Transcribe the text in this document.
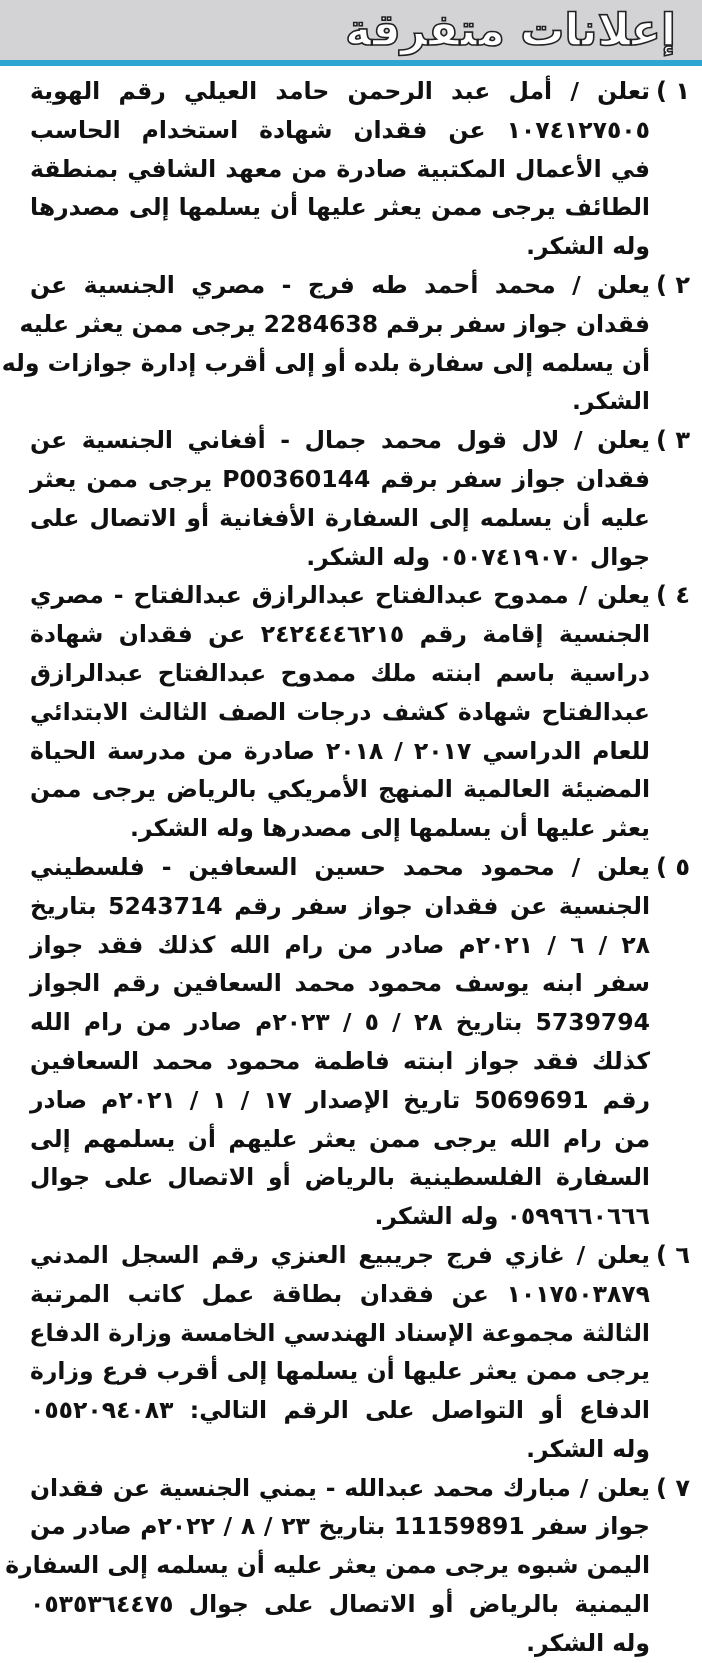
إعلانات متفرقة
١ )
تعلن / أمل عبد الرحمن حامد العيلي رقم الهوية
١٠٧٤١٢٧٥٠٥ عن فقدان شهادة استخدام الحاسب
في الأعمال المكتبية صادرة من معهد الشافي بمنطقة
الطائف يرجى ممن يعثر عليها أن يسلمها إلى مصدرها
وله الشكر.
٢ )
يعلن / محمد أحمد طه فرج - مصري الجنسية عن
فقدان جواز سفر برقم 2284638 يرجى ممن يعثر عليه
أن يسلمه إلى سفارة بلده أو إلى أقرب إدارة جوازات وله
الشكر.
٣ )
يعلن / لال قول محمد جمال - أفغاني الجنسية عن
فقدان جواز سفر برقم P00360144 يرجى ممن يعثر
عليه أن يسلمه إلى السفارة الأفغانية أو الاتصال على
جوال ٠٥٠٧٤١٩٠٧٠ وله الشكر.
٤ )
يعلن / ممدوح عبدالفتاح عبدالرازق عبدالفتاح - مصري
الجنسية إقامة رقم ٢٤٢٤٤٤٦٢١٥ عن فقدان شهادة
دراسية باسم ابنته ملك ممدوح عبدالفتاح عبدالرازق
عبدالفتاح شهادة كشف درجات الصف الثالث الابتدائي
للعام الدراسي ٢٠١٧ / ٢٠١٨ صادرة من مدرسة الحياة
المضيئة العالمية المنهج الأمريكي بالرياض يرجى ممن
يعثر عليها أن يسلمها إلى مصدرها وله الشكر.
٥ )
يعلن / محمود محمد حسين السعافين - فلسطيني
الجنسية عن فقدان جواز سفر رقم 5243714 بتاريخ
٢٨ / ٦ / ٢٠٢١م صادر من رام الله كذلك فقد جواز
سفر ابنه يوسف محمود محمد السعافين رقم الجواز
5739794 بتاريخ ٢٨ / ٥ / ٢٠٢٣م صادر من رام الله
كذلك فقد جواز ابنته فاطمة محمود محمد السعافين
رقم 5069691 تاريخ الإصدار ١٧ / ١ / ٢٠٢١م صادر
من رام الله يرجى ممن يعثر عليهم أن يسلمهم إلى
السفارة الفلسطينية بالرياض أو الاتصال على جوال
٠٥٩٩٦٦٠٦٦٦ وله الشكر.
٦ )
يعلن / غازي فرج جريبيع العنزي رقم السجل المدني
١٠١٧٥٠٣٨٧٩ عن فقدان بطاقة عمل كاتب المرتبة
الثالثة مجموعة الإسناد الهندسي الخامسة وزارة الدفاع
يرجى ممن يعثر عليها أن يسلمها إلى أقرب فرع وزارة
الدفاع أو التواصل على الرقم التالي: ٠٥٥٢٠٩٤٠٨٣
وله الشكر.
٧ )
يعلن / مبارك محمد عبدالله - يمني الجنسية عن فقدان
جواز سفر 11159891 بتاريخ ٢٣ / ٨ / ٢٠٢٢م صادر من
اليمن شبوه يرجى ممن يعثر عليه أن يسلمه إلى السفارة
اليمنية بالرياض أو الاتصال على جوال ٠٥٣٥٣٦٤٤٧٥
وله الشكر.
